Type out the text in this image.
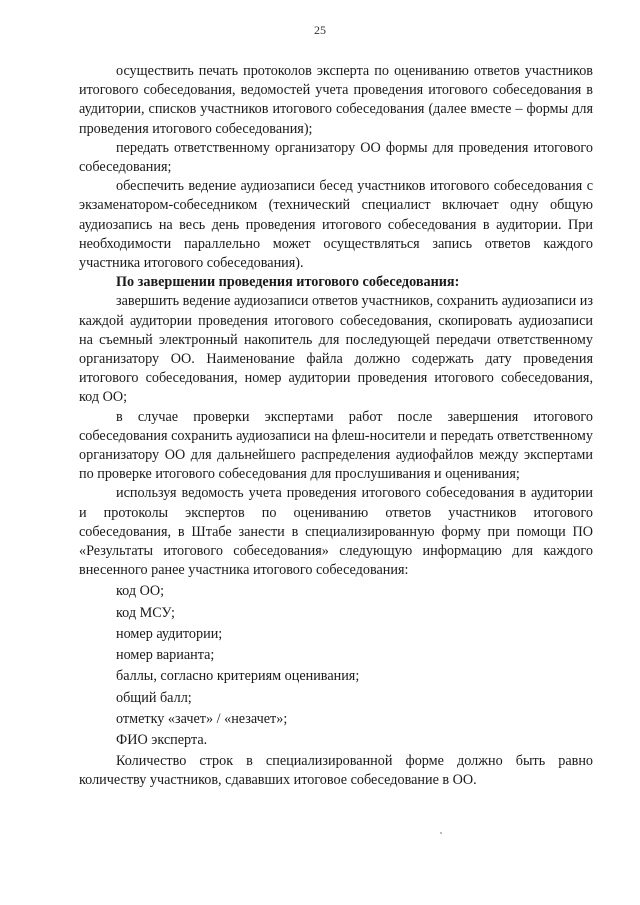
25

осуществить печать протоколов эксперта по оцениванию ответов участников итогового собеседования, ведомостей учета проведения итогового собеседования в аудитории, списков участников итогового собеседования (далее вместе – формы для проведения итогового собеседования);

передать ответственному организатору ОО формы для проведения итогового собеседования;

обеспечить ведение аудиозаписи бесед участников итогового собеседования с экзаменатором-собеседником (технический специалист включает одну общую аудиозапись на весь день проведения итогового собеседования в аудитории. При необходимости параллельно может осуществляться запись ответов каждого участника итогового собеседования).

По завершении проведения итогового собеседования:

завершить ведение аудиозаписи ответов участников, сохранить аудиозаписи из каждой аудитории проведения итогового собеседования, скопировать аудиозаписи на съемный электронный накопитель для последующей передачи ответственному организатору ОО. Наименование файла должно содержать дату проведения итогового собеседования, номер аудитории проведения итогового собеседования, код ОО;

в случае проверки экспертами работ после завершения итогового собеседования сохранить аудиозаписи на флеш-носители и передать ответственному организатору ОО для дальнейшего распределения аудиофайлов между экспертами по проверке итогового собеседования для прослушивания и оценивания;

используя ведомость учета проведения итогового собеседования в аудитории и протоколы экспертов по оцениванию ответов участников итогового собеседования, в Штабе занести в специализированную форму при помощи ПО «Результаты итогового собеседования» следующую информацию для каждого внесенного ранее участника итогового собеседования:

код ОО;

код МСУ;

номер аудитории;

номер варианта;

баллы, согласно критериям оценивания;

общий балл;

отметку «зачет» / «незачет»;

ФИО эксперта.

Количество строк в специализированной форме должно быть равно количеству участников, сдававших итоговое собеседование в ОО.
